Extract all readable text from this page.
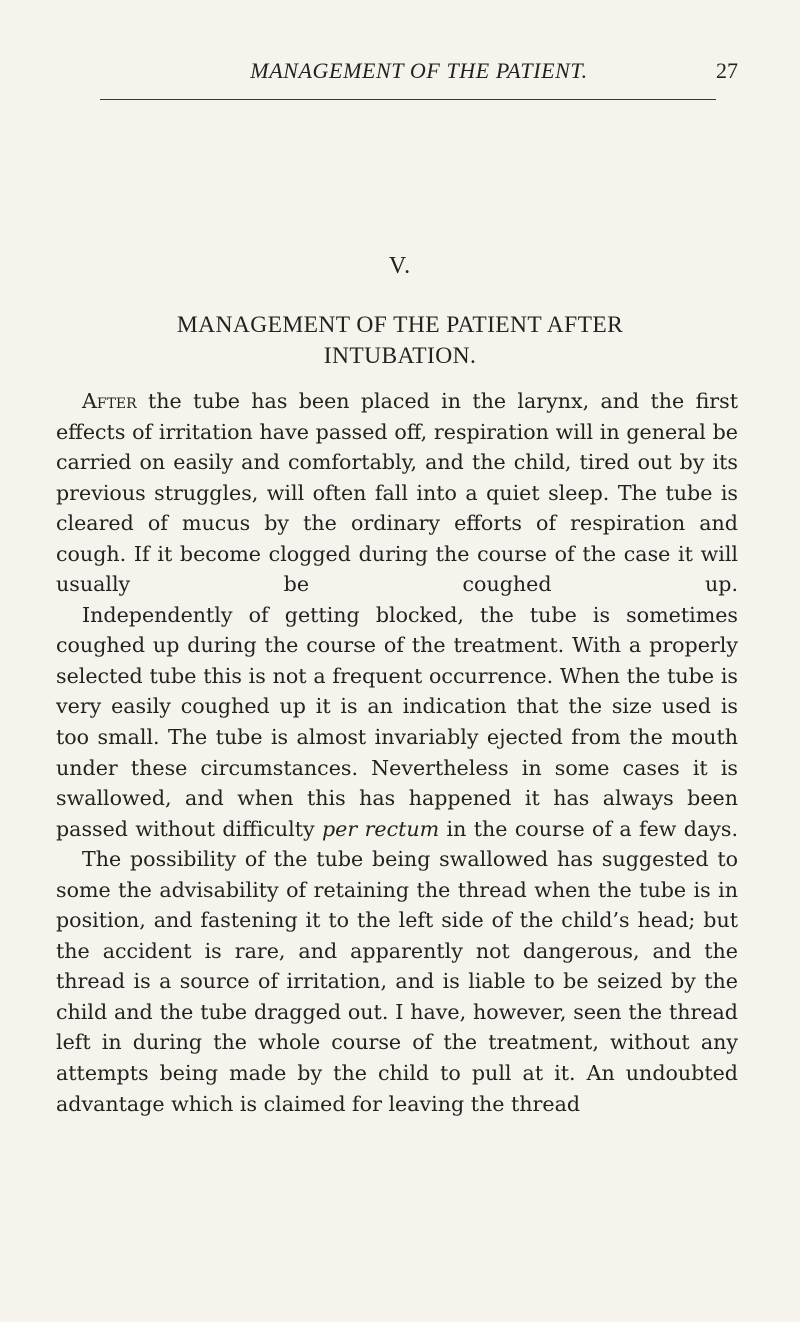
MANAGEMENT OF THE PATIENT.	27
V.
MANAGEMENT OF THE PATIENT AFTER
INTUBATION.

After the tube has been placed in the larynx, and the first effects of irritation have passed off, respiration will in general be carried on easily and comfortably, and the child, tired out by its previous struggles, will often fall into a quiet sleep. The tube is cleared of mucus by the ordinary efforts of respiration and cough. If it become clogged during the course of the case it will usually be coughed up.

Independently of getting blocked, the tube is sometimes coughed up during the course of the treatment. With a properly selected tube this is not a frequent occurrence. When the tube is very easily coughed up it is an indication that the size used is too small. The tube is almost invariably ejected from the mouth under these circumstances. Nevertheless in some cases it is swallowed, and when this has happened it has always been passed without difficulty per rectum in the course of a few days.

The possibility of the tube being swallowed has suggested to some the advisability of retaining the thread when the tube is in position, and fastening it to the left side of the child’s head; but the accident is rare, and apparently not dangerous, and the thread is a source of irritation, and is liable to be seized by the child and the tube dragged out. I have, however, seen the thread left in during the whole course of the treatment, without any attempts being made by the child to pull at it. An undoubted advantage which is claimed for leaving the thread
